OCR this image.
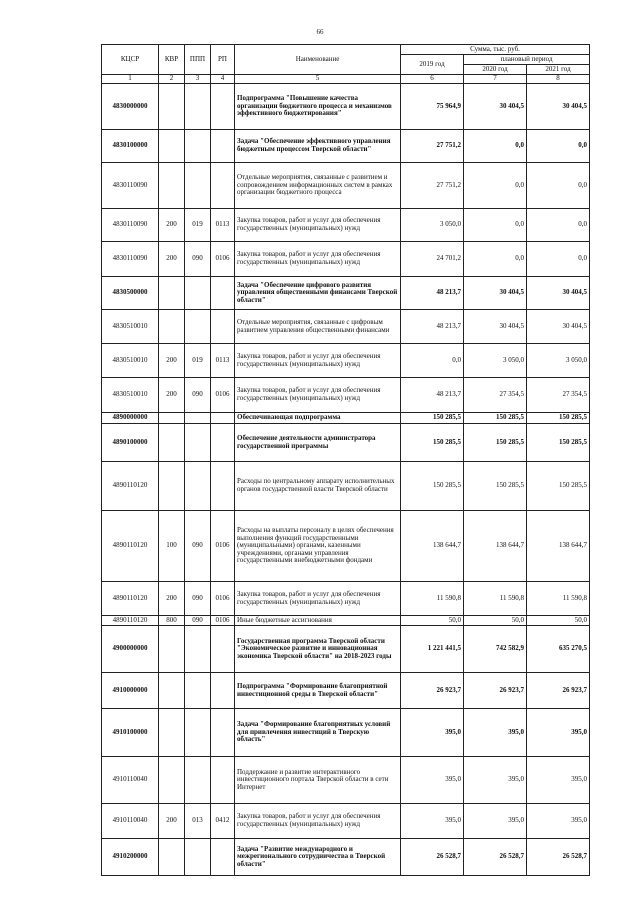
66
КЦСР	КВР	ППП	РП	Наименование	Сумма, тыс. руб.		
					2019 год	плановый период	
						2020 год	2021 год
1	2	3	4	5	6	7	8
4830000000				Подпрограмма "Повышение качества организации бюджетного процесса и механизмов эффективного бюджетирования"	75 964,9	30 404,5	30 404,5
4830100000				Задача "Обеспечение эффективного управления бюджетным процессом Тверской области"	27 751,2	0,0	0,0
4830110090				Отдельные мероприятия, связанные с развитием и сопровождением информационных систем в рамках организации бюджетного процесса	27 751,2	0,0	0,0
4830110090	200	019	0113	Закупка товаров, работ и услуг для обеспечения государственных (муниципальных) нужд	3 050,0	0,0	0,0
4830110090	200	090	0106	Закупка товаров, работ и услуг для обеспечения государственных (муниципальных) нужд	24 701,2	0,0	0,0
4830500000				Задача "Обеспечение цифрового развития управления общественными финансами Тверской области"	48 213,7	30 404,5	30 404,5
4830510010				Отдельные мероприятия, связанные с цифровым развитием управления общественными финансами	48 213,7	30 404,5	30 404,5
4830510010	200	019	0113	Закупка товаров, работ и услуг для обеспечения государственных (муниципальных) нужд	0,0	3 050,0	3 050,0
4830510010	200	090	0106	Закупка товаров, работ и услуг для обеспечения государственных (муниципальных) нужд	48 213,7	27 354,5	27 354,5
4890000000				Обеспечивающая подпрограмма	150 285,5	150 285,5	150 285,5
4890100000				Обеспечение деятельности администратора государственной программы	150 285,5	150 285,5	150 285,5
4890110120				Расходы по центральному аппарату исполнительных органов государственной власти Тверской области	150 285,5	150 285,5	150 285,5
4890110120	100	090	0106	Расходы на выплаты персоналу в целях обеспечения выполнения функций государственными (муниципальными) органами, казенными учреждениями, органами управления государственными внебюджетными фондами	138 644,7	138 644,7	138 644,7
4890110120	200	090	0106	Закупка товаров, работ и услуг для обеспечения государственных (муниципальных) нужд	11 590,8	11 590,8	11 590,8
4890110120	800	090	0106	Иные бюджетные ассигнования	50,0	50,0	50,0
4900000000				Государственная программа Тверской области "Экономическое развитие и инновационная экономика Тверской области" на 2018-2023 годы	1 221 441,5	742 582,9	635 270,5
4910000000				Подпрограмма "Формирование благоприятной инвестиционной среды в Тверской области"	26 923,7	26 923,7	26 923,7
4910100000				Задача "Формирование благоприятных условий для привлечения инвестиций в Тверскую область"	395,0	395,0	395,0
4910110040				Поддержание и развитие интерактивного инвестиционного портала Тверской области в сети Интернет	395,0	395,0	395,0
4910110040	200	013	0412	Закупка товаров, работ и услуг для обеспечения государственных (муниципальных) нужд	395,0	395,0	395,0
4910200000				Задача "Развитие международного и межрегионального сотрудничества в Тверской области"	26 528,7	26 528,7	26 528,7
